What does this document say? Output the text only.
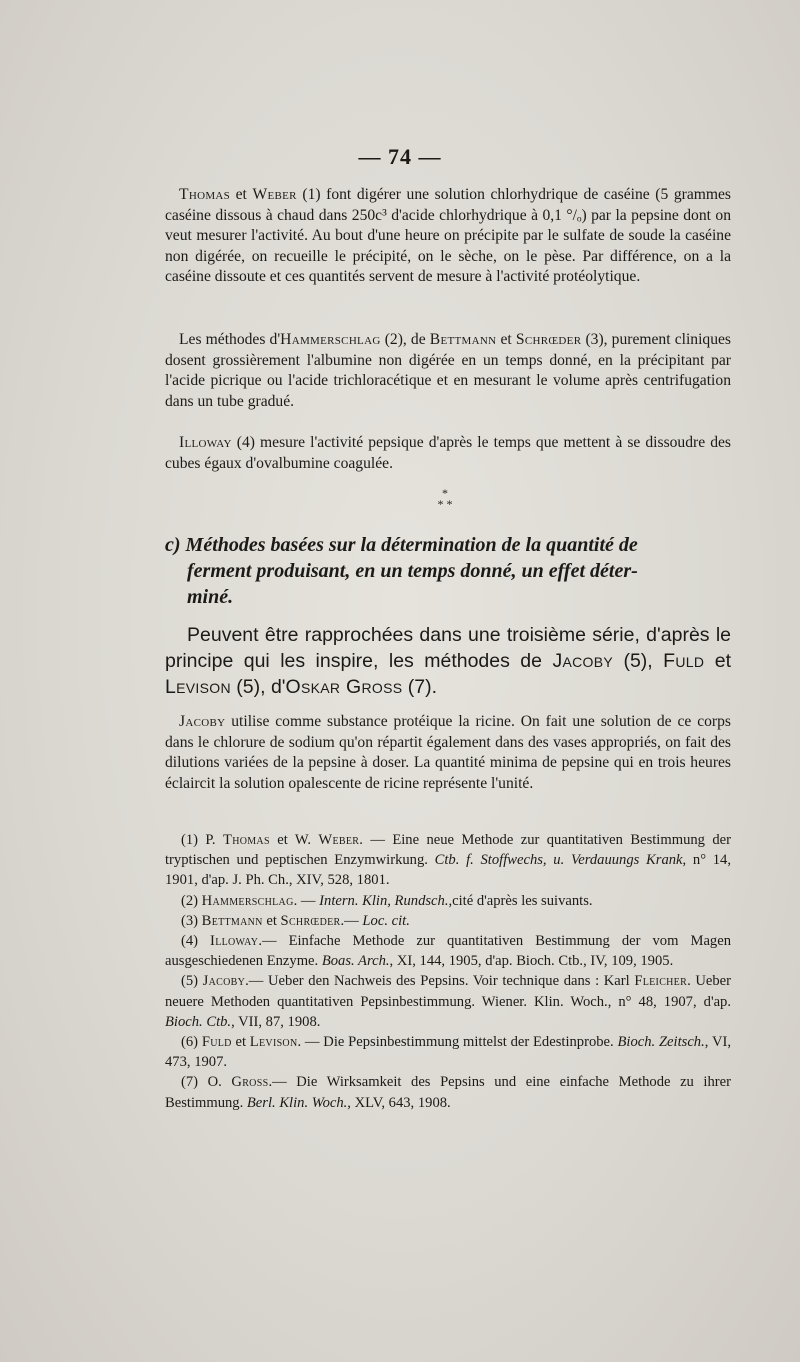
— 74 —

Thomas et Weber (1) font digérer une solution chlorhydrique de caséine (5 grammes caséine dissous à chaud dans 250c³ d'acide chlorhydrique à 0,1 °/ₒ) par la pepsine dont on veut mesurer l'activité. Au bout d'une heure on précipite par le sulfate de soude la caséine non digérée, on recueille le précipité, on le sèche, on le pèse. Par différence, on a la caséine dissoute et ces quantités servent de mesure à l'activité protéolytique.

Les méthodes d'Hammerschlag (2), de Bettmann et Schrœder (3), purement cliniques dosent grossièrement l'albumine non digérée en un temps donné, en la précipitant par l'acide picrique ou l'acide trichloracétique et en mesurant le volume après centrifugation dans un tube gradué.

Illoway (4) mesure l'activité pepsique d'après le temps que mettent à se dissoudre des cubes égaux d'ovalbumine coagulée.

*
* *
c) Méthodes basées sur la détermination de la quantité de
ferment produisant, en un temps donné, un effet déter-
miné.

Peuvent être rapprochées dans une troisième série, d'après le principe qui les inspire, les méthodes de Jacoby (5), Fuld et Levison (5), d'Oskar Gross (7).

Jacoby utilise comme substance protéique la ricine. On fait une solution de ce corps dans le chlorure de sodium qu'on répartit également dans des vases appropriés, on fait des dilutions variées de la pepsine à doser. La quantité minima de pepsine qui en trois heures éclaircit la solution opalescente de ricine représente l'unité.

(1) P. Thomas et W. Weber. — Eine neue Methode zur quantitativen Bestimmung der tryptischen und peptischen Enzymwirkung. Ctb. f. Stoffwechs, u. Verdauungs Krank, n° 14, 1901, d'ap. J. Ph. Ch., XIV, 528, 1801.
(2) Hammerschlag. — Intern. Klin, Rundsch.,cité d'après les suivants.
(3) Bettmann et Schrœder.— Loc. cit.
(4) Illoway.— Einfache Methode zur quantitativen Bestimmung der vom Magen ausgeschiedenen Enzyme. Boas. Arch., XI, 144, 1905, d'ap. Bioch. Ctb., IV, 109, 1905.
(5) Jacoby.— Ueber den Nachweis des Pepsins. Voir technique dans : Karl Fleicher. Ueber neuere Methoden quantitativen Pepsinbestimmung. Wiener. Klin. Woch., n° 48, 1907, d'ap. Bioch. Ctb., VII, 87, 1908.
(6) Fuld et Levison. — Die Pepsinbestimmung mittelst der Edestinprobe. Bioch. Zeitsch., VI, 473, 1907.
(7) O. Gross.— Die Wirksamkeit des Pepsins und eine einfache Methode zu ihrer Bestimmung. Berl. Klin. Woch., XLV, 643, 1908.
